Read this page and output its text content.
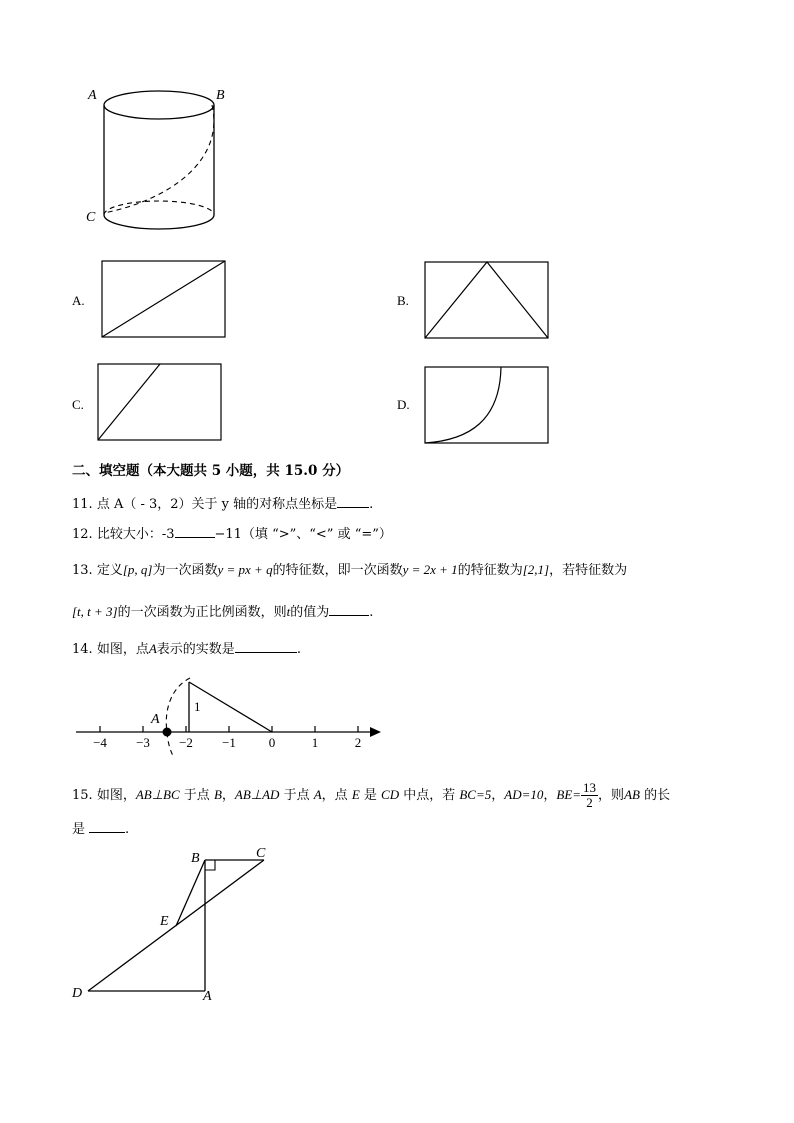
A	B
C
A.	B.
C.	D.
二、填空题（本大题共 5 小题，共 15.0 分）
11. 点 A（ - 3，2）关于 y 轴的对称点坐标是 .
12. 比较大小：-3	−11（填 “>”、“<” 或 “=”）
13. 定义[p, q]为一次函数y = px + q的特征数，即一次函数y = 2x + 1的特征数为[2,1]，若特征数为
[t, t + 3]的一次函数为正比例函数，则t的值为	.
14. 如图，点A表示的实数是	.
−4 −3 −2 −1	0	1	2
A
1
15. 如图，AB⊥BC 于点 B，AB⊥AD 于点 A，点 E 是 CD 中点，若 BC=5，AD=10，$BE= \frac{13}{2}$ ，则AB 的长
是	.
B	C
E
D	A
